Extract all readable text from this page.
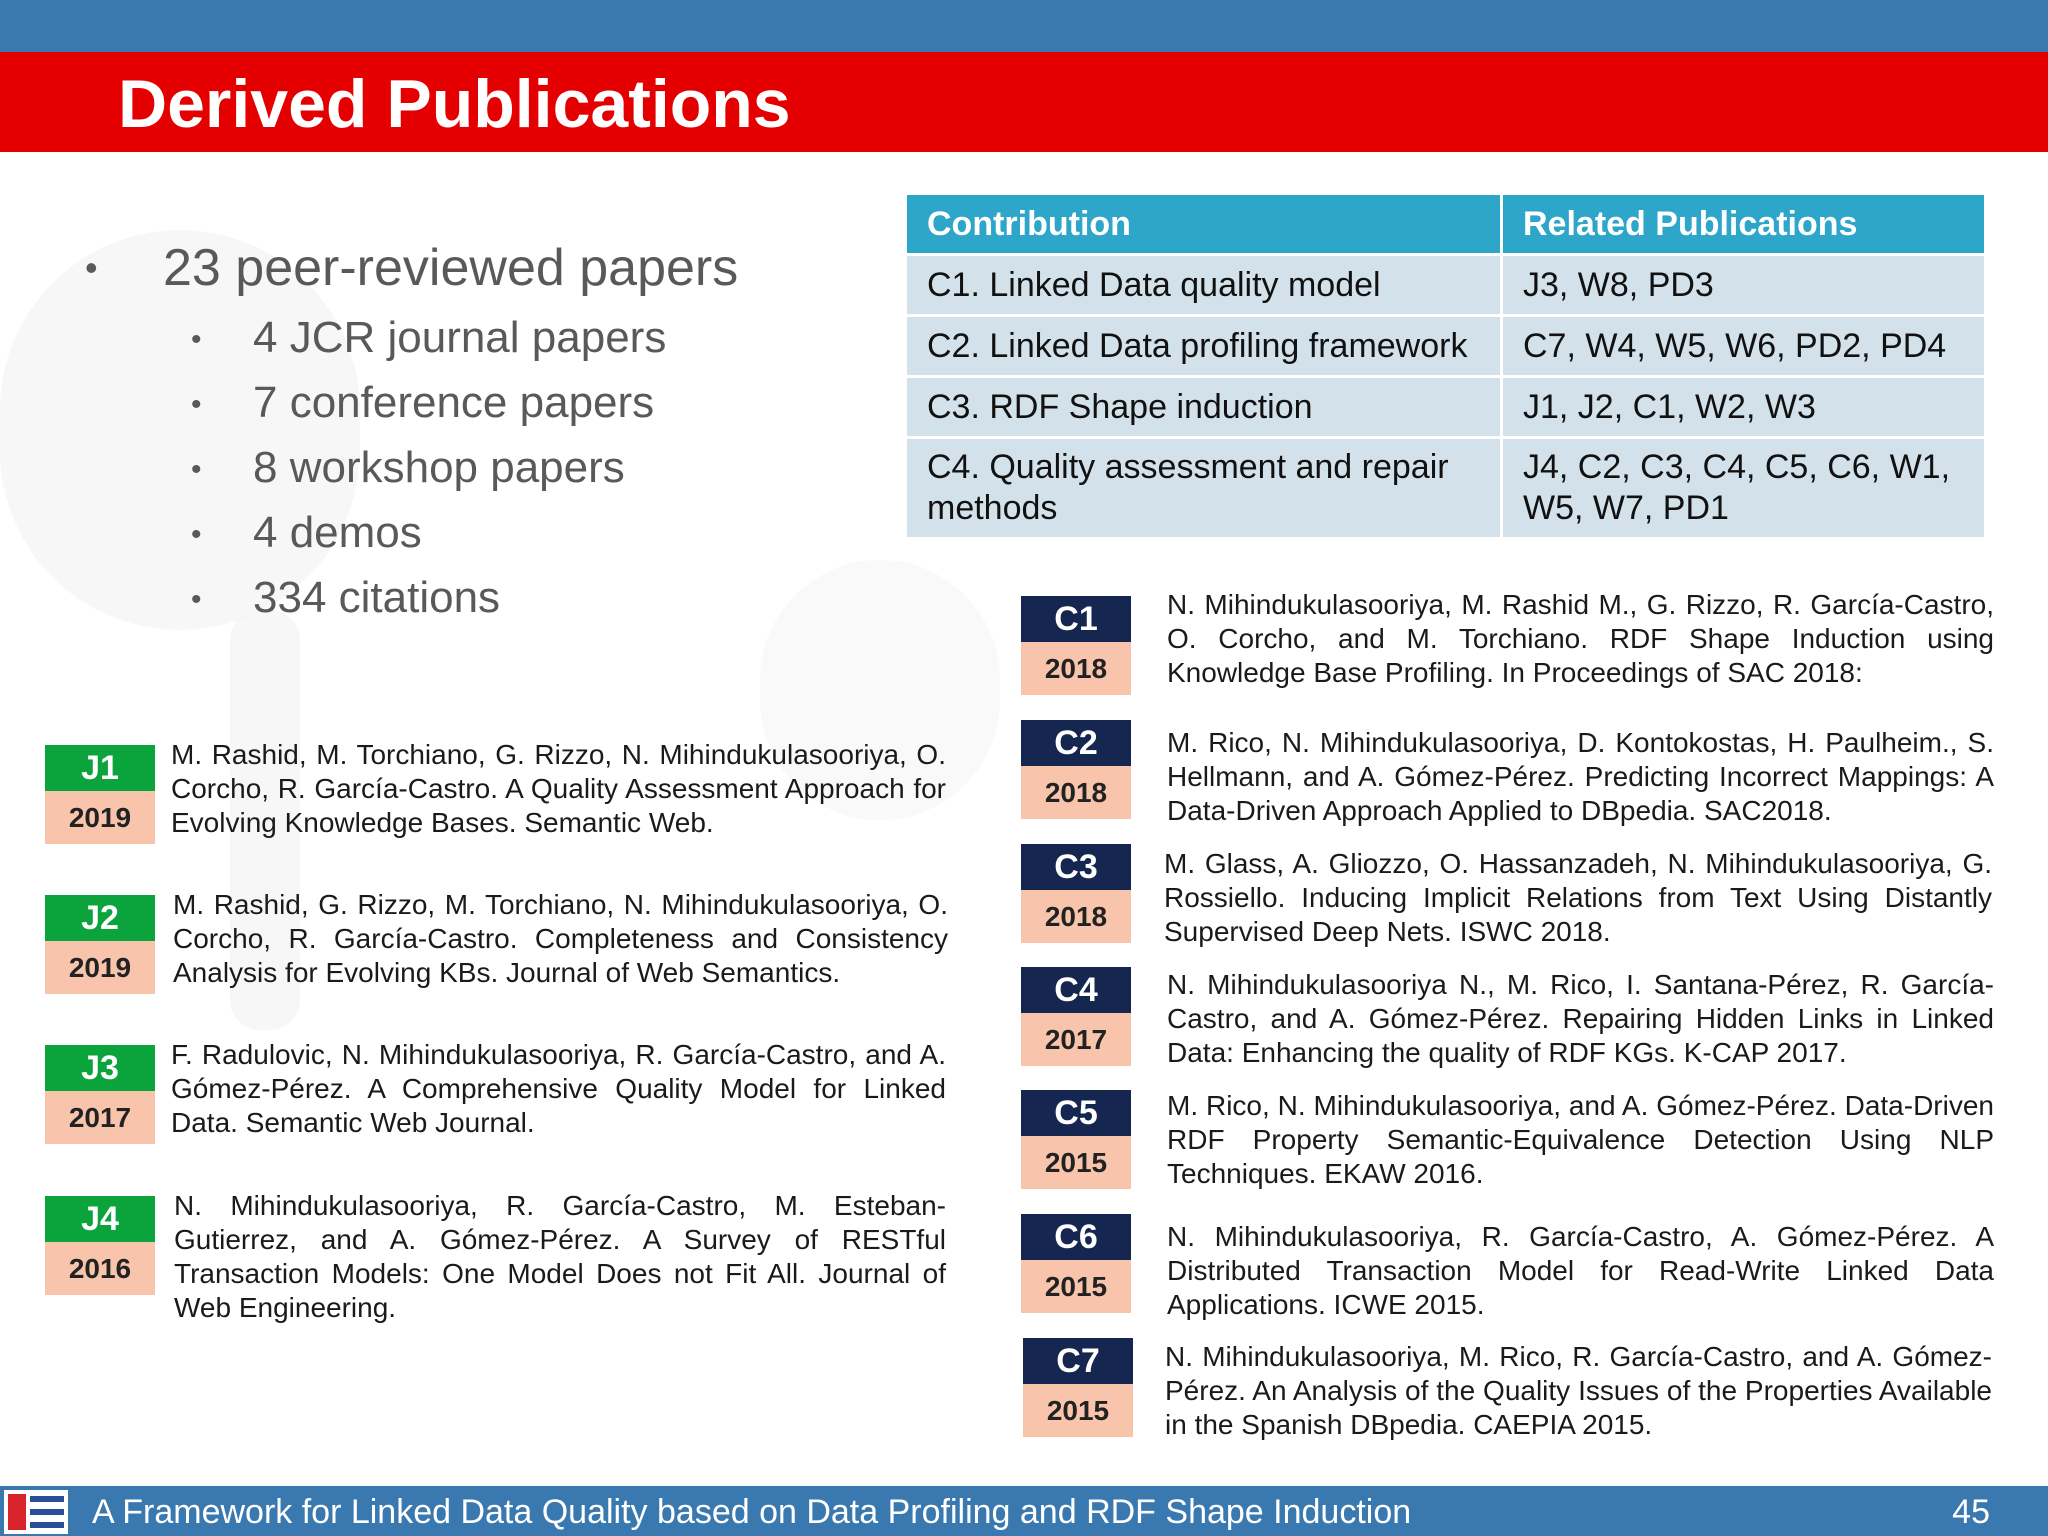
Derived Publications
• 23 peer-reviewed papers
• 4 JCR journal papers
• 7 conference papers
• 8 workshop papers
• 4 demos
• 334 citations
Contribution	Related Publications
C1. Linked Data quality model	J3, W8, PD3
C2. Linked Data profiling framework	C7, W4, W5, W6, PD2, PD4
C3. RDF Shape induction	J1, J2, C1, W2, W3
C4. Quality assessment and repair methods	J4, C2, C3, C4, C5, C6, W1, W5, W7, PD1
J1
2019
M. Rashid, M. Torchiano, G. Rizzo, N. Mihindukulasooriya, O. Corcho, R. García-Castro. A Quality Assessment Approach for Evolving Knowledge Bases. Semantic Web.
J2
2019
M. Rashid, G. Rizzo, M. Torchiano, N. Mihindukulasooriya, O. Corcho, R. García-Castro. Completeness and Consistency Analysis for Evolving KBs. Journal of Web Semantics.
J3
2017
F. Radulovic, N. Mihindukulasooriya, R. García-Castro, and A. Gómez-Pérez. A Comprehensive Quality Model for Linked Data. Semantic Web Journal.
J4
2016
N. Mihindukulasooriya, R. García-Castro, M. Esteban-Gutierrez, and A. Gómez-Pérez. A Survey of RESTful Transaction Models: One Model Does not Fit All. Journal of Web Engineering.
C1
2018
N. Mihindukulasooriya, M. Rashid M., G. Rizzo, R. García-Castro, O. Corcho, and M. Torchiano. RDF Shape Induction using Knowledge Base Profiling. In Proceedings of SAC 2018:
C2
2018
M. Rico, N. Mihindukulasooriya, D. Kontokostas, H. Paulheim., S. Hellmann, and A. Gómez-Pérez. Predicting Incorrect Mappings: A Data-Driven Approach Applied to DBpedia. SAC2018.
C3
2018
M. Glass, A. Gliozzo, O. Hassanzadeh, N. Mihindukulasooriya, G. Rossiello. Inducing Implicit Relations from Text Using Distantly Supervised Deep Nets. ISWC 2018.
C4
2017
N. Mihindukulasooriya N., M. Rico, I. Santana-Pérez, R. García-Castro, and A. Gómez-Pérez. Repairing Hidden Links in Linked Data: Enhancing the quality of RDF KGs. K-CAP 2017.
C5
2015
M. Rico, N. Mihindukulasooriya, and A. Gómez-Pérez. Data-Driven RDF Property Semantic-Equivalence Detection Using NLP Techniques. EKAW 2016.
C6
2015
N. Mihindukulasooriya, R. García-Castro, A. Gómez-Pérez. A Distributed Transaction Model for Read-Write Linked Data Applications. ICWE 2015.
C7
2015
N. Mihindukulasooriya, M. Rico, R. García-Castro, and A. Gómez-Pérez. An Analysis of the Quality Issues of the Properties Available in the Spanish DBpedia. CAEPIA 2015.
A Framework for Linked Data Quality based on Data Profiling and RDF Shape Induction	45
